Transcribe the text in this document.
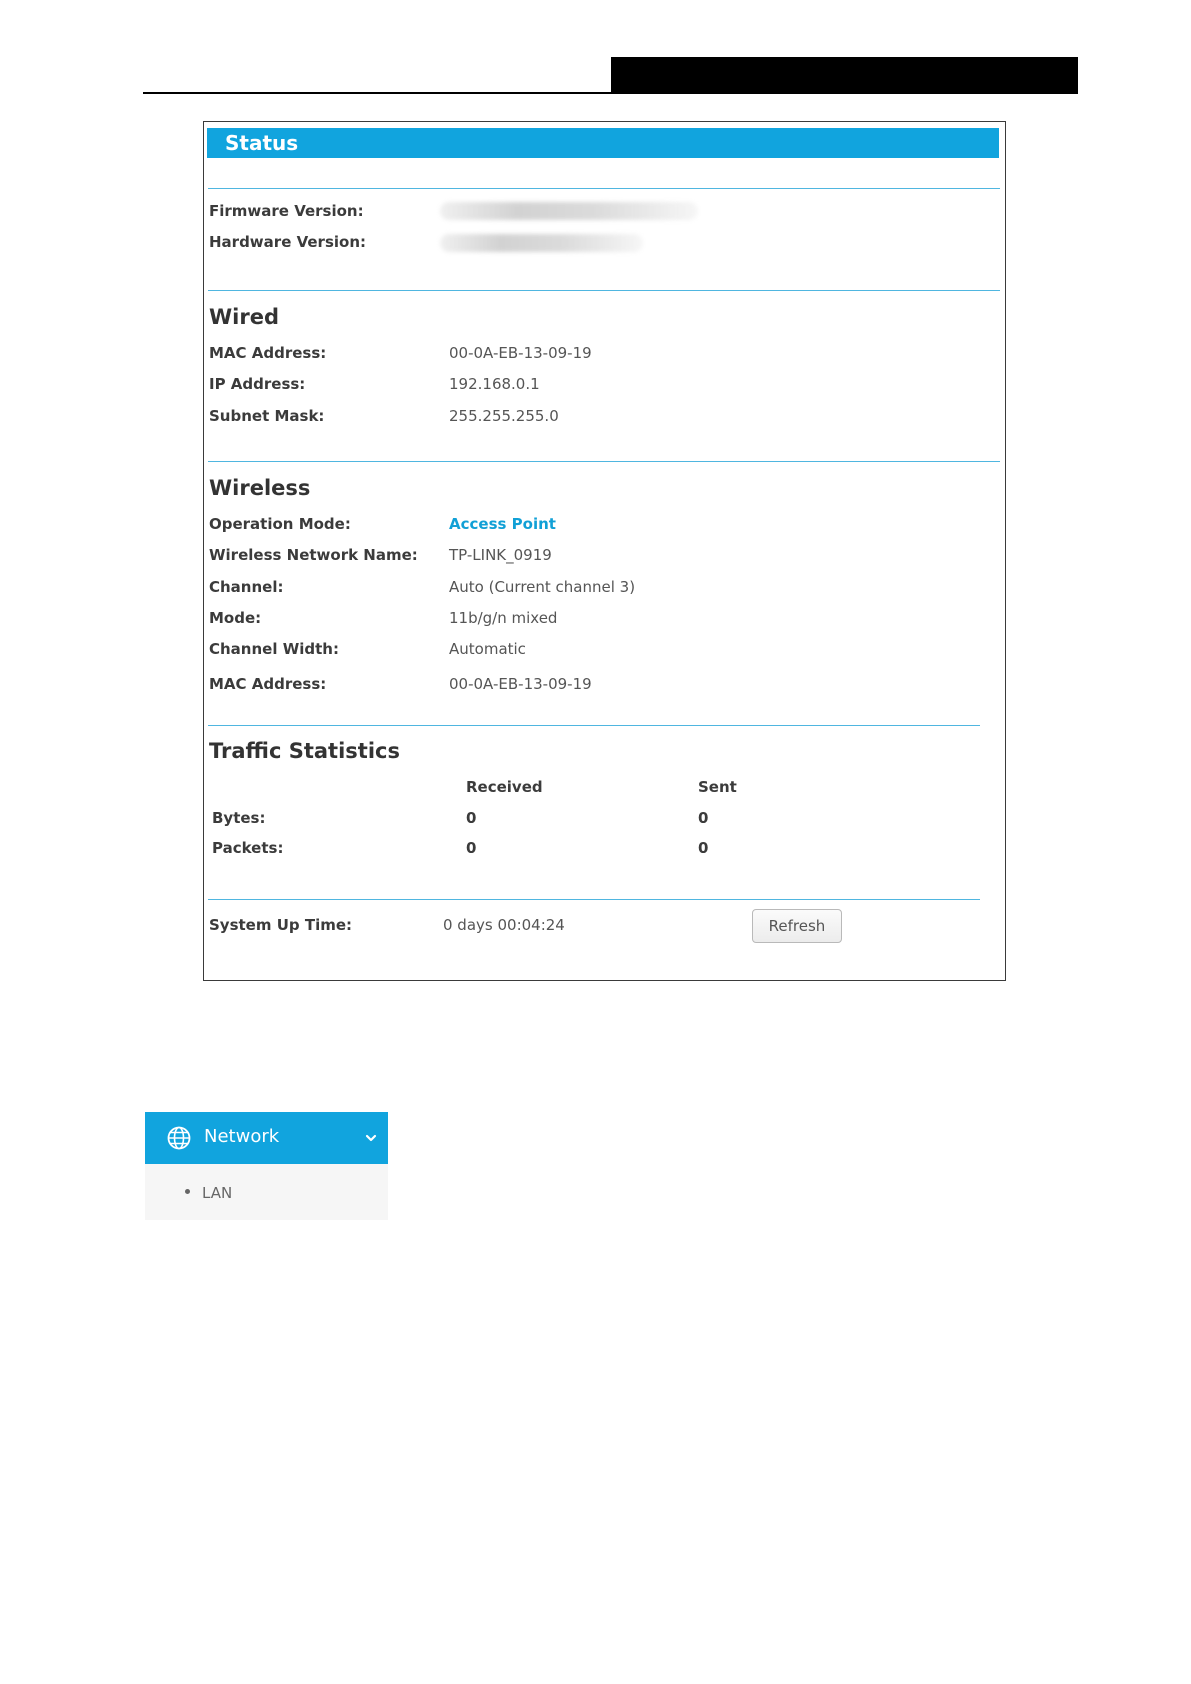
Status
Firmware Version:
Hardware Version:
Wired
MAC Address:	00-0A-EB-13-09-19
IP Address:	192.168.0.1
Subnet Mask:	255.255.255.0
Wireless
Operation Mode:	Access Point
Wireless Network Name: TP-LINK_0919
Channel:	Auto (Current channel 3)
Mode:	11b/g/n mixed
Channel Width:	Automatic
MAC Address:	00-0A-EB-13-09-19
Traffic Statistics
Received	Sent
Bytes:	0	0
Packets:	0	0
System Up Time:	0 days 00:04:24	Refresh
Network
LAN
